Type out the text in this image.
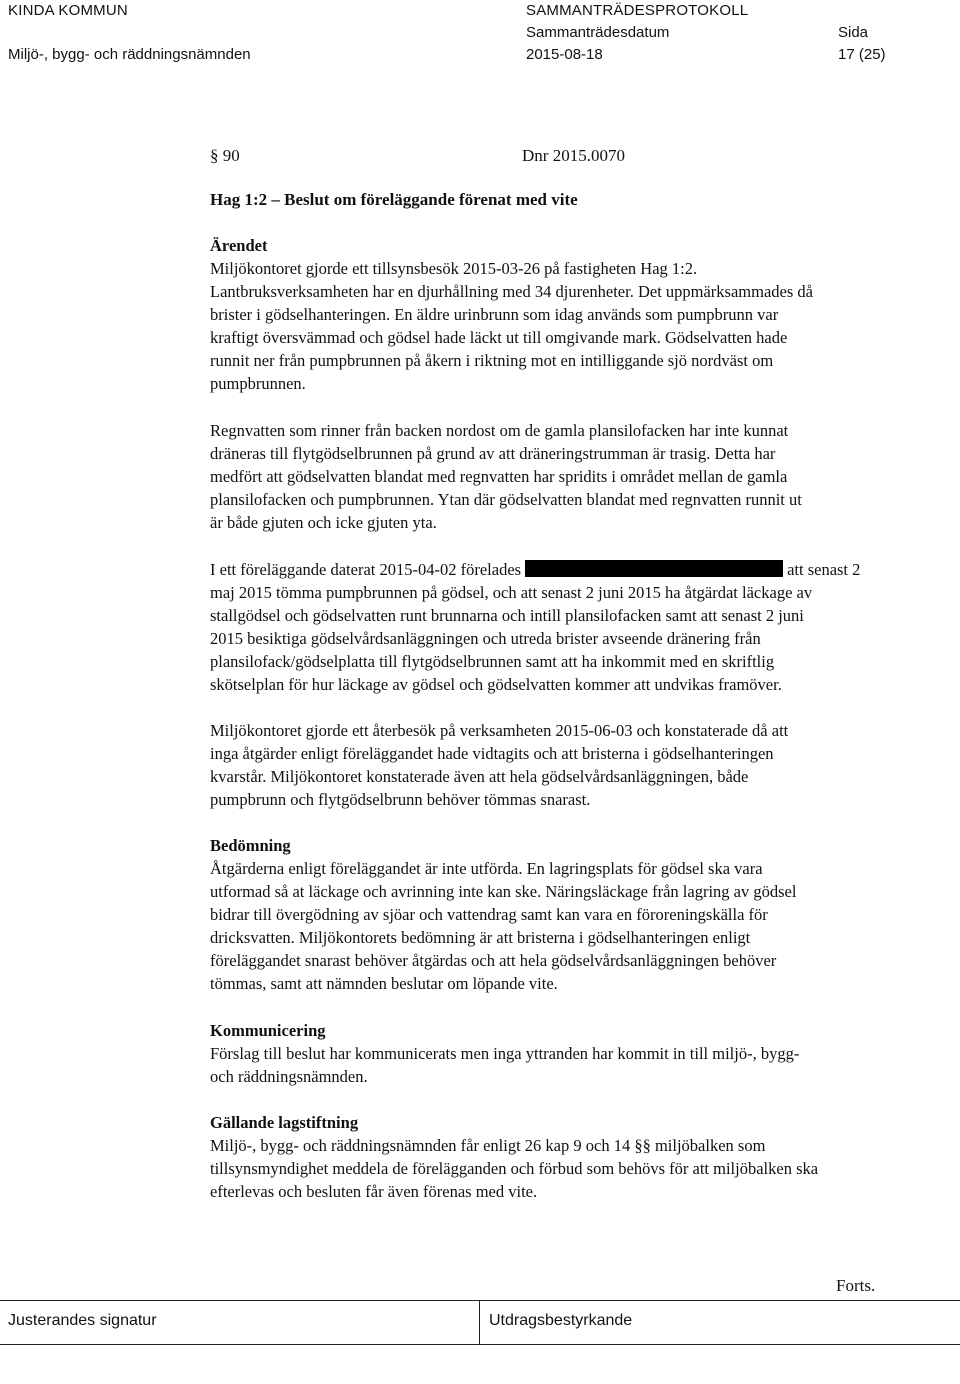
KINDA KOMMUN
Miljö-, bygg- och räddningsnämnden
SAMMANTRÄDESPROTOKOLL
Sammanträdesdatum
2015-08-18
Sida
17 (25)
§ 90	Dnr 2015.0070
Hag 1:2 – Beslut om föreläggande förenat med vite
Ärendet
Miljökontoret gjorde ett tillsynsbesök 2015-03-26 på fastigheten Hag 1:2.
Lantbruksverksamheten har en djurhållning med 34 djurenheter. Det uppmärksammades då
brister i gödselhanteringen. En äldre urinbrunn som idag används som pumpbrunn var
kraftigt översvämmad och gödsel hade läckt ut till omgivande mark. Gödselvatten hade
runnit ner från pumpbrunnen på åkern i riktning mot en intilliggande sjö nordväst om
pumpbrunnen.
Regnvatten som rinner från backen nordost om de gamla plansilofacken har inte kunnat
dräneras till flytgödselbrunnen på grund av att dräneringstrumman är trasig. Detta har
medfört att gödselvatten blandat med regnvatten har spridits i området mellan de gamla
plansilofacken och pumpbrunnen. Ytan där gödselvatten blandat med regnvatten runnit ut
är både gjuten och icke gjuten yta.
I ett föreläggande daterat 2015-04-02 förelades	att senast 2
maj 2015 tömma pumpbrunnen på gödsel, och att senast 2 juni 2015 ha åtgärdat läckage av
stallgödsel och gödselvatten runt brunnarna och intill plansilofacken samt att senast 2 juni
2015 besiktiga gödselvårdsanläggningen och utreda brister avseende dränering från
plansilofack/gödselplatta till flytgödselbrunnen samt att ha inkommit med en skriftlig
skötselplan för hur läckage av gödsel och gödselvatten kommer att undvikas framöver.
Miljökontoret gjorde ett återbesök på verksamheten 2015-06-03 och konstaterade då att
inga åtgärder enligt föreläggandet hade vidtagits och att bristerna i gödselhanteringen
kvarstår. Miljökontoret konstaterade även att hela gödselvårdsanläggningen, både
pumpbrunn och flytgödselbrunn behöver tömmas snarast.
Bedömning
Åtgärderna enligt föreläggandet är inte utförda. En lagringsplats för gödsel ska vara
utformad så at läckage och avrinning inte kan ske. Näringsläckage från lagring av gödsel
bidrar till övergödning av sjöar och vattendrag samt kan vara en föroreningskälla för
dricksvatten. Miljökontorets bedömning är att bristerna i gödselhanteringen enligt
föreläggandet snarast behöver åtgärdas och att hela gödselvårdsanläggningen behöver
tömmas, samt att nämnden beslutar om löpande vite.
Kommunicering
Förslag till beslut har kommunicerats men inga yttranden har kommit in till miljö-, bygg-
och räddningsnämnden.
Gällande lagstiftning
Miljö-, bygg- och räddningsnämnden får enligt 26 kap 9 och 14 §§ miljöbalken som
tillsynsmyndighet meddela de förelägganden och förbud som behövs för att miljöbalken ska
efterlevas och besluten får även förenas med vite.
Forts.
Justerandes signatur	Utdragsbestyrkande
